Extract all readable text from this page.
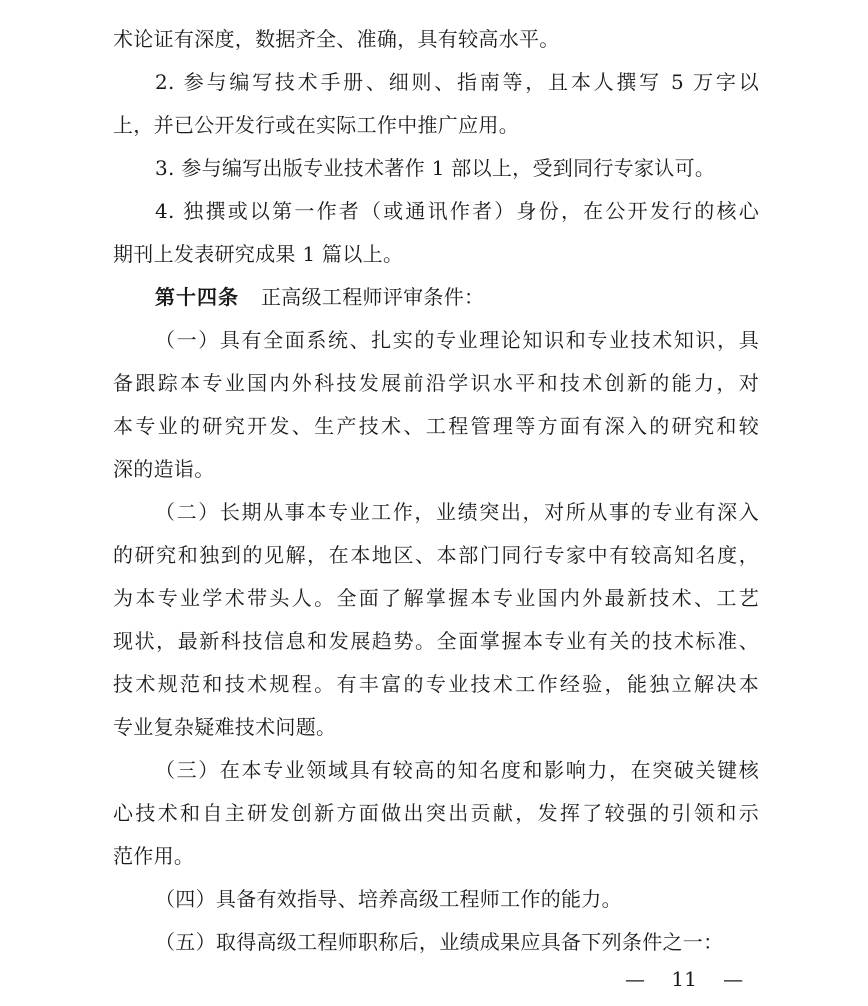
术论证有深度，数据齐全、准确，具有较高水平。
2. 参与编写技术手册、细则、指南等，且本人撰写 5 万字以
上，并已公开发行或在实际工作中推广应用。
3. 参与编写出版专业技术著作 1 部以上，受到同行专家认可。
4. 独撰或以第一作者（或通讯作者）身份，在公开发行的核心
期刊上发表研究成果 1 篇以上。
第十四条 正高级工程师评审条件：
（一）具有全面系统、扎实的专业理论知识和专业技术知识，具
备跟踪本专业国内外科技发展前沿学识水平和技术创新的能力，对
本专业的研究开发、生产技术、工程管理等方面有深入的研究和较
深的造诣。
（二）长期从事本专业工作，业绩突出，对所从事的专业有深入
的研究和独到的见解，在本地区、本部门同行专家中有较高知名度，
为本专业学术带头人。全面了解掌握本专业国内外最新技术、工艺
现状，最新科技信息和发展趋势。全面掌握本专业有关的技术标准、
技术规范和技术规程。有丰富的专业技术工作经验，能独立解决本
专业复杂疑难技术问题。
（三）在本专业领域具有较高的知名度和影响力，在突破关键核
心技术和自主研发创新方面做出突出贡献，发挥了较强的引领和示
范作用。
（四）具备有效指导、培养高级工程师工作的能力。
（五）取得高级工程师职称后，业绩成果应具备下列条件之一：
— 11 —
